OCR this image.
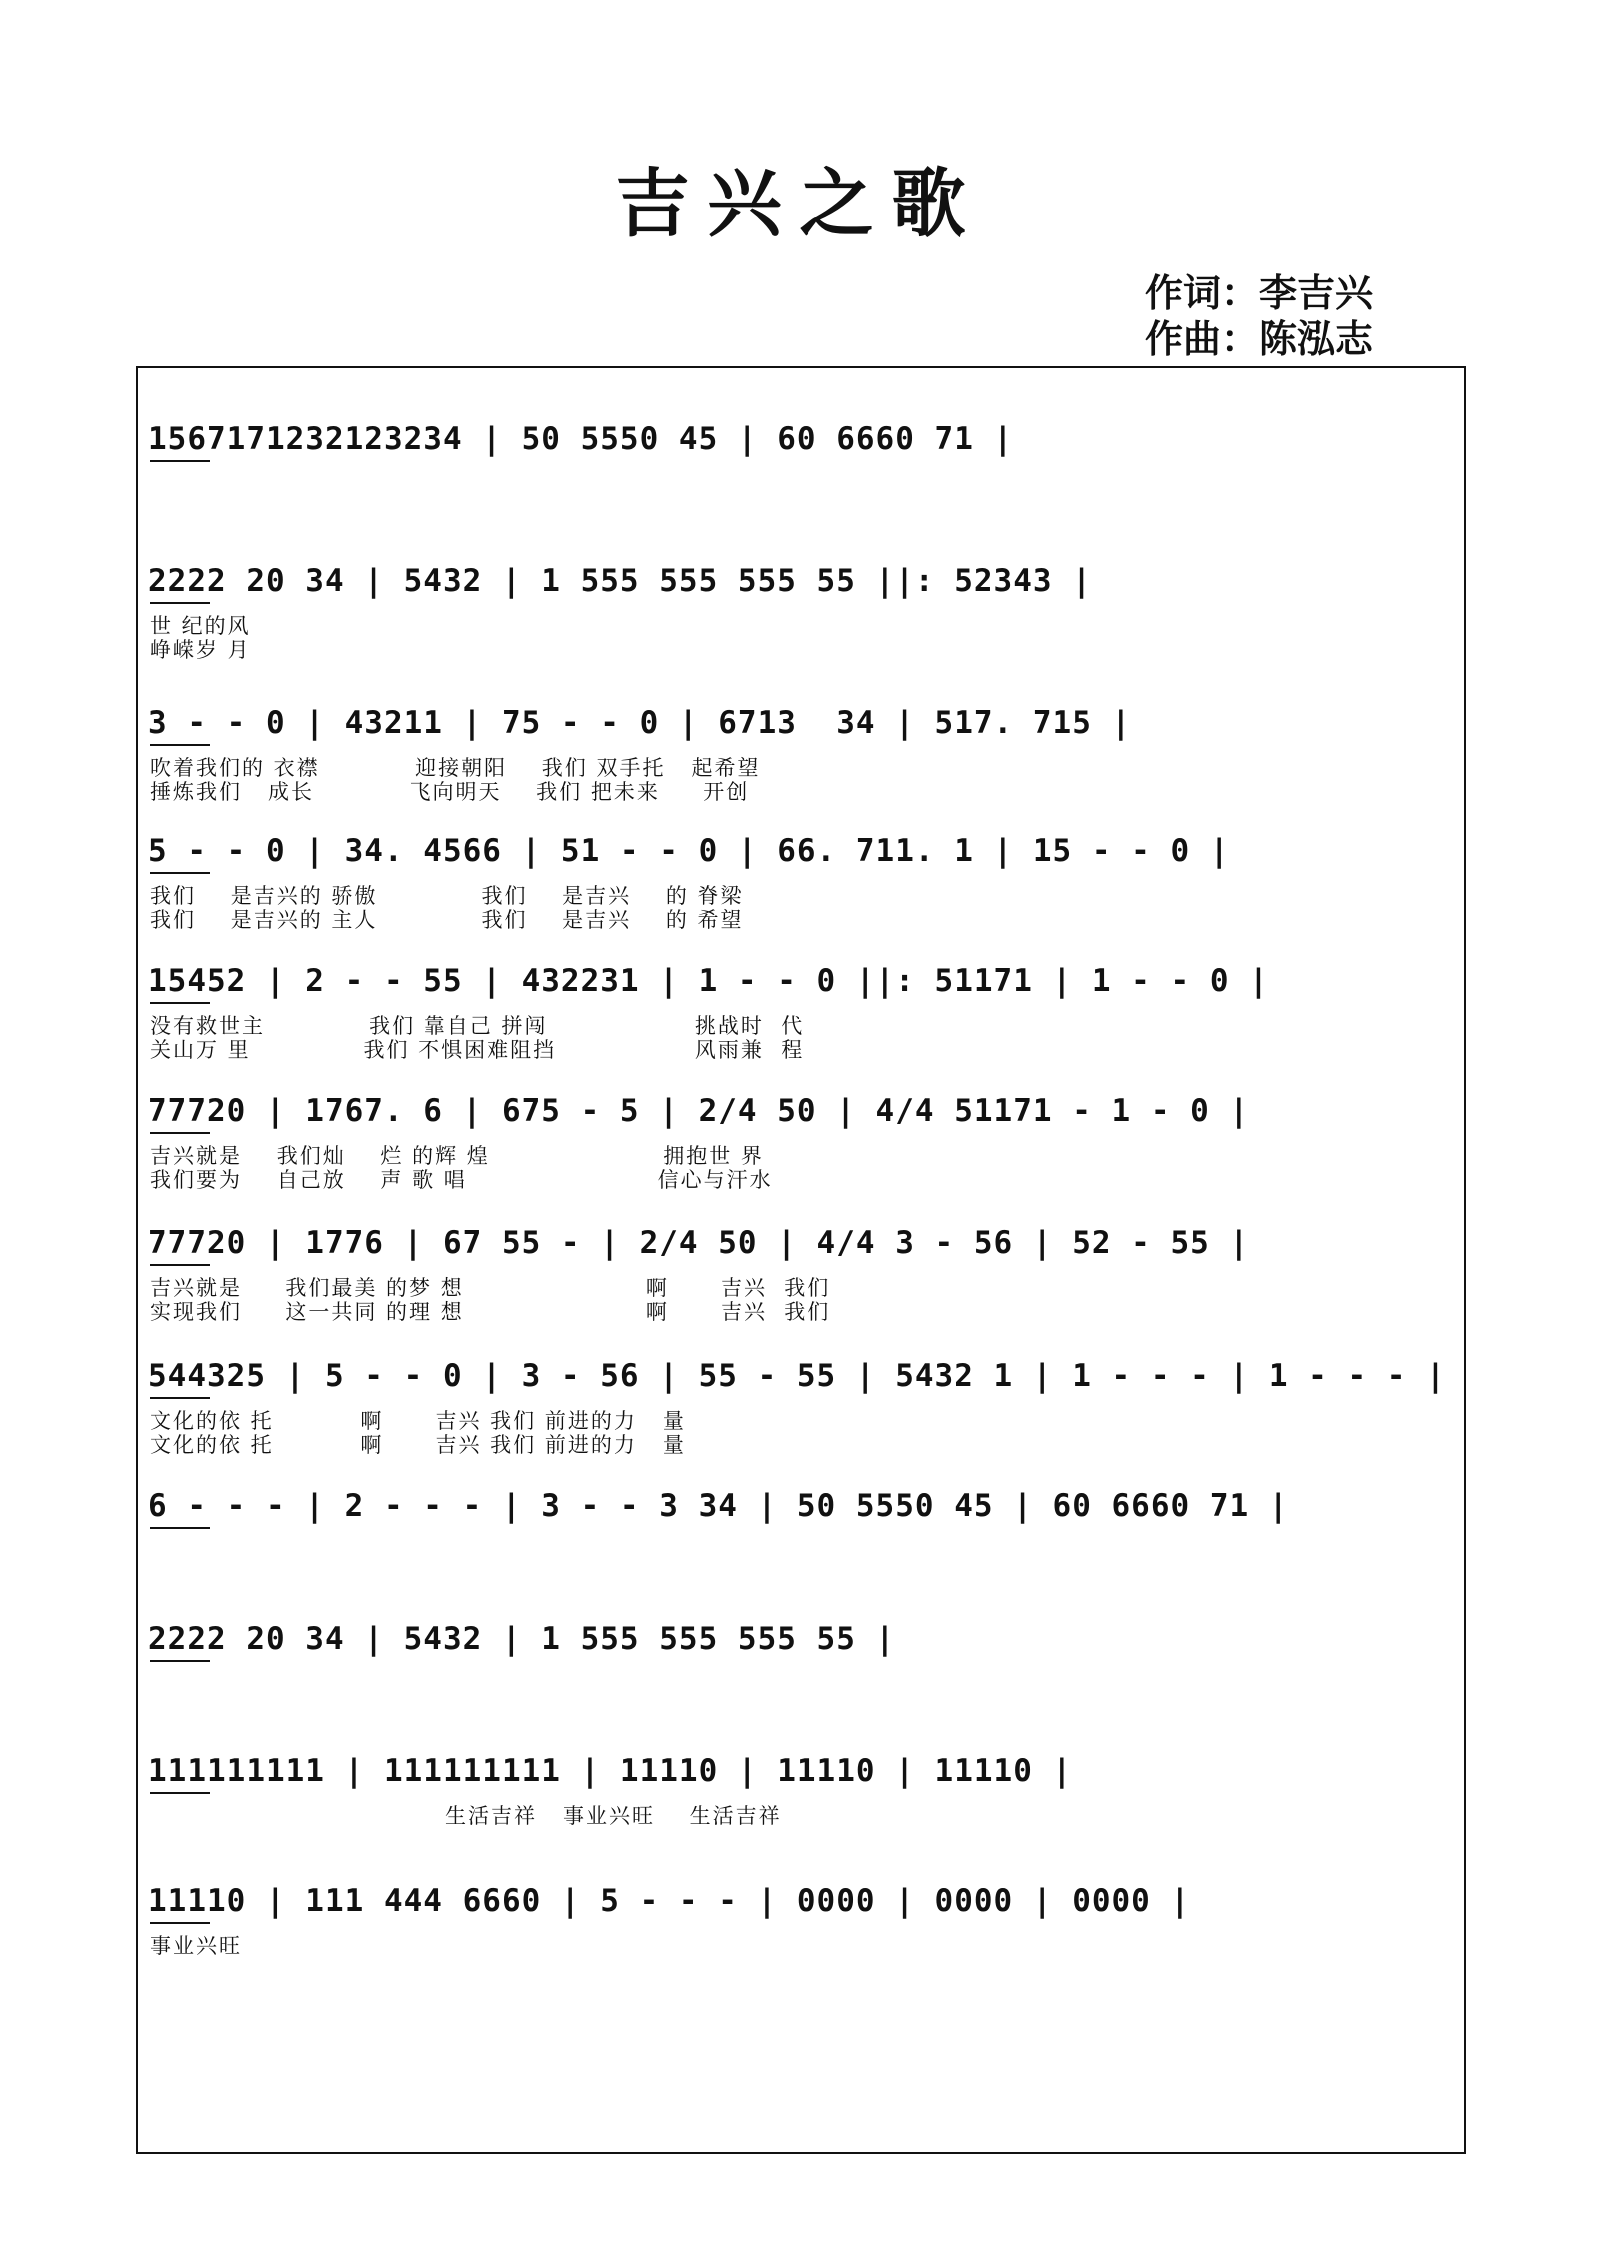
吉兴之歌
作词：李吉兴
作曲：陈泓志
1567171232123234 | 50 5550 45 | 60 6660 71 |
2222 20 34 | 5432 | 1 555 555 555 55 ||: 52343 |
世 纪的风
峥嵘岁 月
3 - - 0 | 43211 | 75 - - 0 | 6713  34 | 517. 715 |
吹着我们的 衣襟           迎接朝阳    我们 双手托   起希望
捶炼我们   成长           飞向明天    我们 把未来     开创
5 - - 0 | 34. 4566 | 51 - - 0 | 66. 711. 1 | 15 - - 0 |
我们    是吉兴的 骄傲            我们    是吉兴    的 脊梁
我们    是吉兴的 主人            我们    是吉兴    的 希望
15452 | 2 - - 55 | 432231 | 1 - - 0 ||: 51171 | 1 - - 0 |
没有救世主            我们 靠自己 拼闯                 挑战时  代
关山万 里             我们 不惧困难阻挡                风雨兼  程
77720 | 1767. 6 | 675 - 5 | 2/4 50 | 4/4 51171 - 1 - 0 |
吉兴就是    我们灿    烂 的辉 煌                    拥抱世 界
我们要为    自己放    声 歌 唱                      信心与汗水
77720 | 1776 | 67 55 - | 2/4 50 | 4/4 3 - 56 | 52 - 55 |
吉兴就是     我们最美 的梦 想                     啊      吉兴  我们
实现我们     这一共同 的理 想                     啊      吉兴  我们
544325 | 5 - - 0 | 3 - 56 | 55 - 55 | 5432 1 | 1 - - - | 1 - - - |
文化的依 托          啊      吉兴 我们 前进的力   量
文化的依 托          啊      吉兴 我们 前进的力   量
6 - - - | 2 - - - | 3 - - 3 34 | 50 5550 45 | 60 6660 71 |
2222 20 34 | 5432 | 1 555 555 555 55 |
111111111 | 111111111 | 11110 | 11110 | 11110 |
生活吉祥   事业兴旺    生活吉祥
11110 | 111 444 6660 | 5 - - - | 0000 | 0000 | 0000 |
事业兴旺
